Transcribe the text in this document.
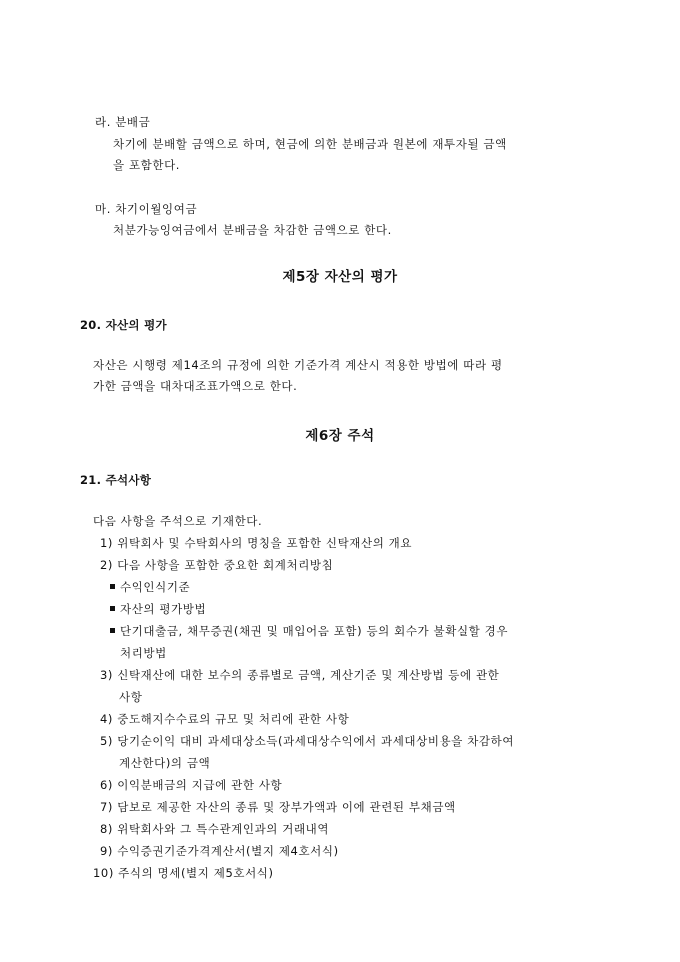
라. 분배금
차기에 분배할 금액으로 하며, 현금에 의한 분배금과 원본에 재투자될 금액
을 포함한다.
마. 차기이월잉여금
처분가능잉여금에서 분배금을 차감한 금액으로 한다.
제5장 자산의 평가
20. 자산의 평가
자산은 시행령 제14조의 규정에 의한 기준가격 계산시 적용한 방법에 따라 평
가한 금액을 대차대조표가액으로 한다.
제6장 주석
21. 주석사항
다음 사항을 주석으로 기재한다.
1) 위탁회사 및 수탁회사의 명칭을 포함한 신탁재산의 개요
2) 다음 사항을 포함한 중요한 회계처리방침
수익인식기준
자산의 평가방법
단기대출금, 채무증권(채권 및 매입어음 포함) 등의 회수가 불확실할 경우
처리방법
3) 신탁재산에 대한 보수의 종류별로 금액, 계산기준 및 계산방법 등에 관한
사항
4) 중도해지수수료의 규모 및 처리에 관한 사항
5) 당기순이익 대비 과세대상소득(과세대상수익에서 과세대상비용을 차감하여
계산한다)의 금액
6) 이익분배금의 지급에 관한 사항
7) 담보로 제공한 자산의 종류 및 장부가액과 이에 관련된 부채금액
8) 위탁회사와 그 특수관계인과의 거래내역
9) 수익증권기준가격계산서(별지 제4호서식)
10) 주식의 명세(별지 제5호서식)
